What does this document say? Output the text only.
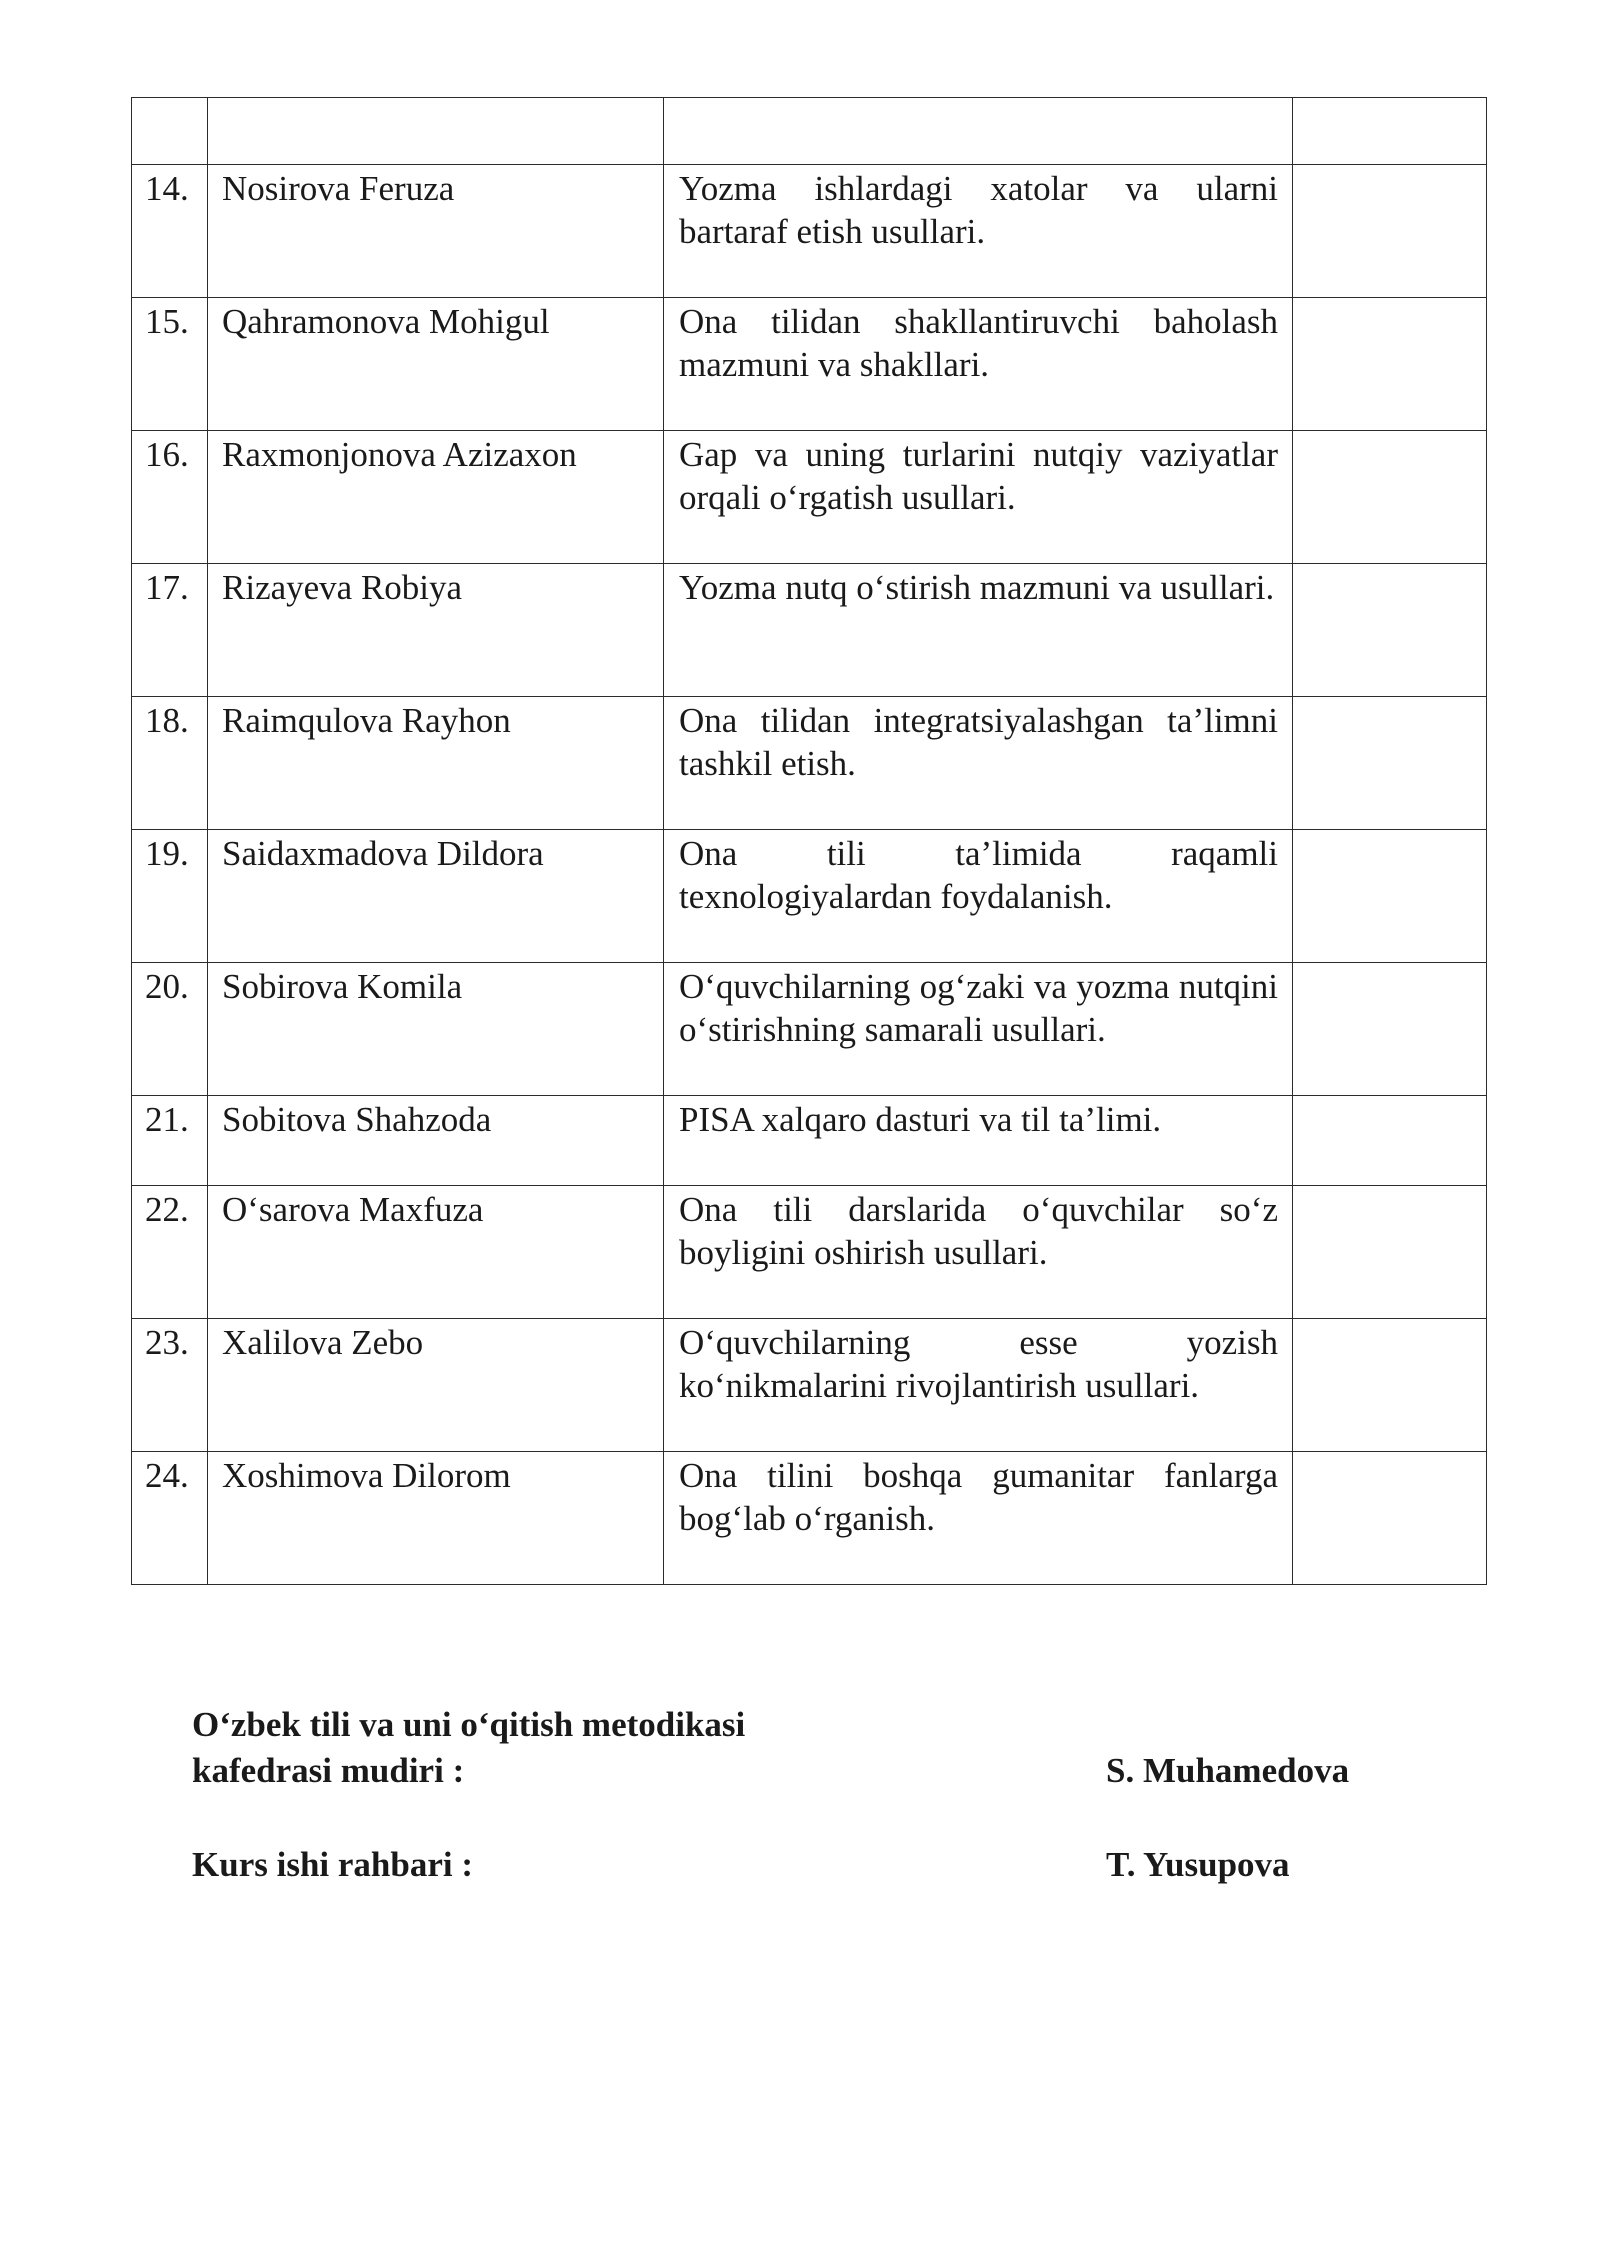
14.	Nosirova Feruza	Yozma ishlardagi xatolar va ularni bartaraf etish usullari.	
15.	Qahramonova Mohigul	Ona tilidan shakllantiruvchi baholash mazmuni va shakllari.	
16.	Raxmonjonova Azizaxon	Gap va uning turlarini nutqiy vaziyatlar orqali o‘rgatish usullari.	
17.	Rizayeva Robiya	Yozma nutq o‘stirish mazmuni va usullari.	
18.	Raimqulova Rayhon	Ona tilidan integratsiyalashgan ta’limni tashkil etish.	
19.	Saidaxmadova Dildora	Ona tili ta’limida raqamli texnologiyalardan foydalanish.	
20.	Sobirova Komila	O‘quvchilarning og‘zaki va yozma nutqini o‘stirishning samarali usullari.	
21.	Sobitova Shahzoda	PISA xalqaro dasturi va til ta’limi.	
22.	O‘sarova Maxfuza	Ona tili darslarida o‘quvchilar so‘z boyligini oshirish usullari.	
23.	Xalilova Zebo	O‘quvchilarning esse yozish ko‘nikmalarini rivojlantirish usullari.	
24.	Xoshimova Dilorom	Ona tilini boshqa gumanitar fanlarga bog‘lab o‘rganish.	
O‘zbek tili va uni o‘qitish metodikasi
kafedrasi mudiri :	S. Muhamedova
Kurs ishi rahbari :	T. Yusupova
